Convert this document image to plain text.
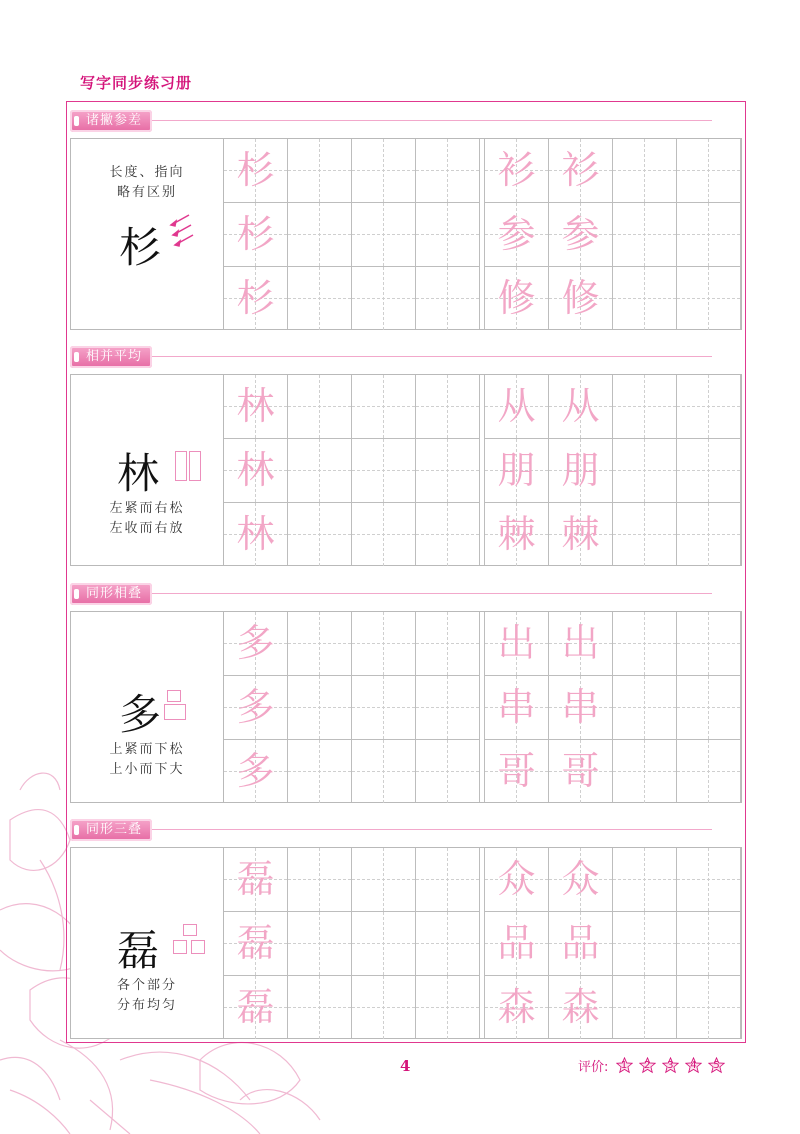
写字同步练习册
诸撇参差
长度、指向
略有区别
杉
杉
杉
杉
衫 衫
参 参
修 修
相并平均
林
左紧而右松
左收而右放
林
林
林
从 从
朋 朋
棘 棘
同形相叠
多
上紧而下松
上小而下大
多
多
多
出 出
串 串
哥 哥
同形三叠
磊
各个部分
分布均匀
磊
磊
磊
众 众
品 品
森 森
4	评价: 1 2 3 4 5
